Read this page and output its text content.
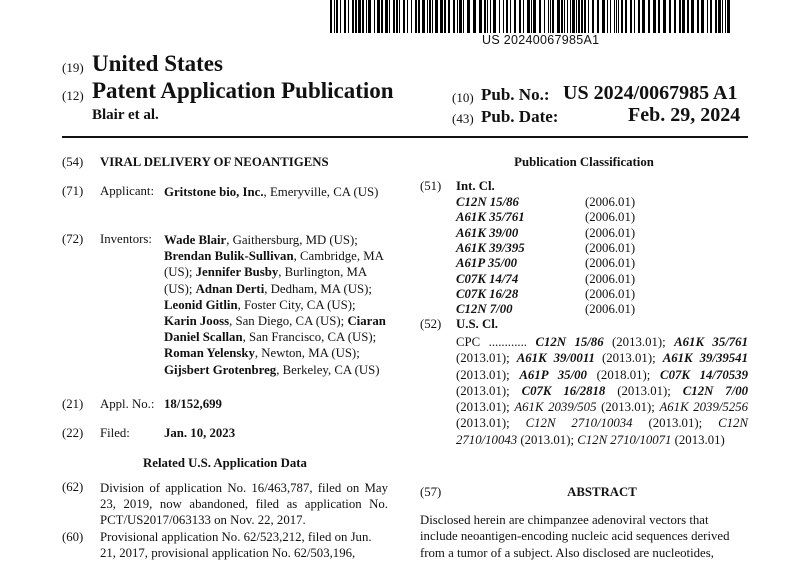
US 20240067985A1
(19) United States
(12) Patent Application Publication
Blair et al.
(10) Pub. No.: US 2024/0067985 A1
(43) Pub. Date:	Feb. 29, 2024
(54) VIRAL DELIVERY OF NEOANTIGENS
(71) Applicant: Gritstone bio, Inc., Emeryville, CA (US)
(72) Inventors: Wade Blair, Gaithersburg, MD (US); Brendan Bulik-Sullivan, Cambridge, MA (US); Jennifer Busby, Burlington, MA (US); Adnan Derti, Dedham, MA (US); Leonid Gitlin, Foster City, CA (US); Karin Jooss, San Diego, CA (US); Ciaran Daniel Scallan, San Francisco, CA (US); Roman Yelensky, Newton, MA (US); Gijsbert Grotenbreg, Berkeley, CA (US)
(21) Appl. No.: 18/152,699
(22) Filed:	Jan. 10, 2023
Related U.S. Application Data
(62) Division of application No. 16/463,787, filed on May 23, 2019, now abandoned, filed as application No. PCT/US2017/063133 on Nov. 22, 2017.
(60) Provisional application No. 62/523,212, filed on Jun.
21, 2017, provisional application No. 62/503,196,
Publication Classification
(51) Int. Cl.
C12N 15/86	(2006.01)
A61K 35/761	(2006.01)
A61K 39/00	(2006.01)
A61K 39/395	(2006.01)
A61P 35/00	(2006.01)
C07K 14/74	(2006.01)
C07K 16/28	(2006.01)
C12N 7/00	(2006.01)
(52) U.S. Cl.
CPC ............ C12N 15/86 (2013.01); A61K 35/761 (2013.01); A61K 39/0011 (2013.01); A61K 39/39541 (2013.01); A61P 35/00 (2018.01); C07K 14/70539 (2013.01); C07K 16/2818 (2013.01); C12N 7/00 (2013.01); A61K 2039/505 (2013.01); A61K 2039/5256 (2013.01); C12N 2710/10034 (2013.01); C12N 2710/10043 (2013.01); C12N 2710/10071 (2013.01)
(57)	ABSTRACT
Disclosed herein are chimpanzee adenoviral vectors that
include neoantigen-encoding nucleic acid sequences derived
from a tumor of a subject. Also disclosed are nucleotides,
